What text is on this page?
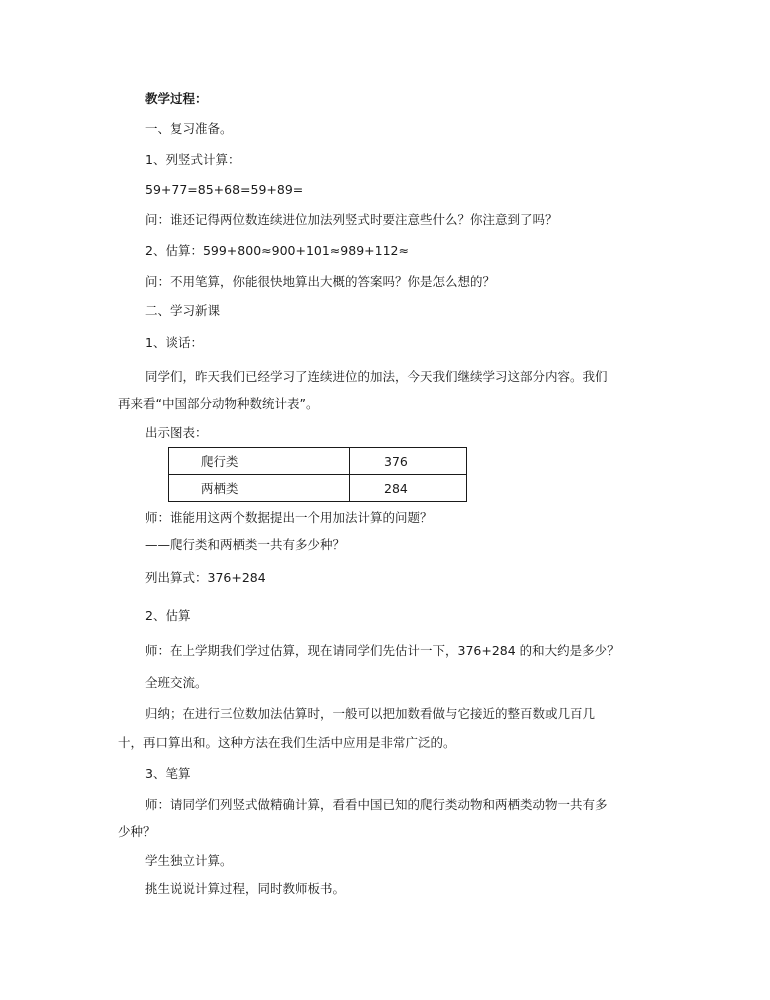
教学过程：
一、复习准备。
1、列竖式计算：
59+77=85+68=59+89=
问：谁还记得两位数连续进位加法列竖式时要注意些什么？你注意到了吗？
2、估算：599+800≈900+101≈989+112≈
问：不用笔算，你能很快地算出大概的答案吗？你是怎么想的？
二、学习新课
1、谈话：
同学们，昨天我们已经学习了连续进位的加法，今天我们继续学习这部分内容。我们
再来看“中国部分动物种数统计表”。
出示图表：
爬行类	376
两栖类	284
师：谁能用这两个数据提出一个用加法计算的问题？
——爬行类和两栖类一共有多少种？
列出算式：376+284
2、估算
师：在上学期我们学过估算，现在请同学们先估计一下，376+284 的和大约是多少？
全班交流。
归纳；在进行三位数加法估算时，一般可以把加数看做与它接近的整百数或几百几
十，再口算出和。这种方法在我们生活中应用是非常广泛的。
3、笔算
师：请同学们列竖式做精确计算，看看中国已知的爬行类动物和两栖类动物一共有多
少种？
学生独立计算。
挑生说说计算过程，同时教师板书。
